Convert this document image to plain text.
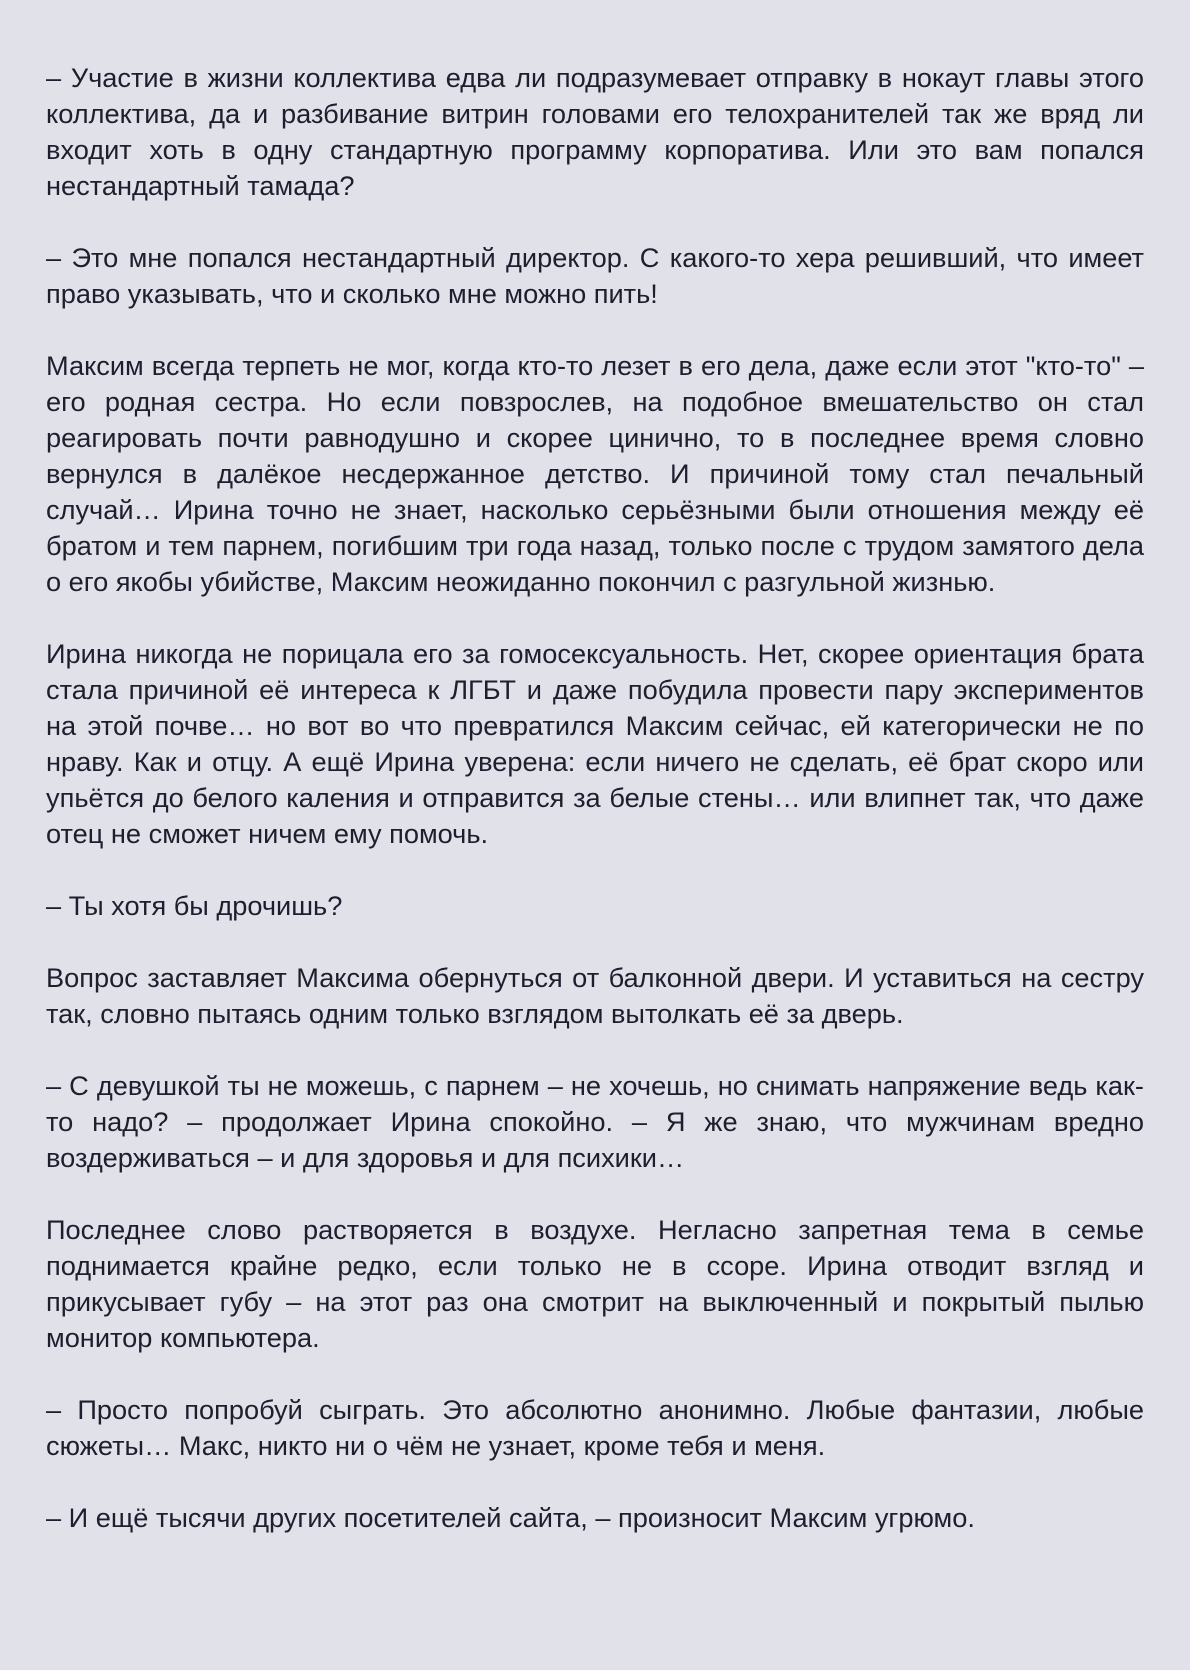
– Участие в жизни коллектива едва ли подразумевает отправку в нокаут главы этого коллектива, да и разбивание витрин головами его телохранителей так же вряд ли входит хоть в одну стандартную программу корпоратива. Или это вам попался нестандартный тамада?

– Это мне попался нестандартный директор. С какого-то хера решивший, что имеет право указывать, что и сколько мне можно пить!

Максим всегда терпеть не мог, когда кто-то лезет в его дела, даже если этот "кто-то" – его родная сестра. Но если повзрослев, на подобное вмешательство он стал реагировать почти равнодушно и скорее цинично, то в последнее время словно вернулся в далёкое несдержанное детство. И причиной тому стал печальный случай… Ирина точно не знает, насколько серьёзными были отношения между её братом и тем парнем, погибшим три года назад, только после с трудом замятого дела о его якобы убийстве, Максим неожиданно покончил с разгульной жизнью.

Ирина никогда не порицала его за гомосексуальность. Нет, скорее ориентация брата стала причиной её интереса к ЛГБТ и даже побудила провести пару экспериментов на этой почве… но вот во что превратился Максим сейчас, ей категорически не по нраву. Как и отцу. А ещё Ирина уверена: если ничего не сделать, её брат скоро или упьётся до белого каления и отправится за белые стены… или влипнет так, что даже отец не сможет ничем ему помочь.

– Ты хотя бы дрочишь?

Вопрос заставляет Максима обернуться от балконной двери. И уставиться на сестру так, словно пытаясь одним только взглядом вытолкать её за дверь.

– С девушкой ты не можешь, с парнем – не хочешь, но снимать напряжение ведь как-то надо? – продолжает Ирина спокойно. – Я же знаю, что мужчинам вредно воздерживаться – и для здоровья и для психики…

Последнее слово растворяется в воздухе. Негласно запретная тема в семье поднимается крайне редко, если только не в ссоре. Ирина отводит взгляд и прикусывает губу – на этот раз она смотрит на выключенный и покрытый пылью монитор компьютера.

– Просто попробуй сыграть. Это абсолютно анонимно. Любые фантазии, любые сюжеты… Макс, никто ни о чём не узнает, кроме тебя и меня.

– И ещё тысячи других посетителей сайта, – произносит Максим угрюмо.
